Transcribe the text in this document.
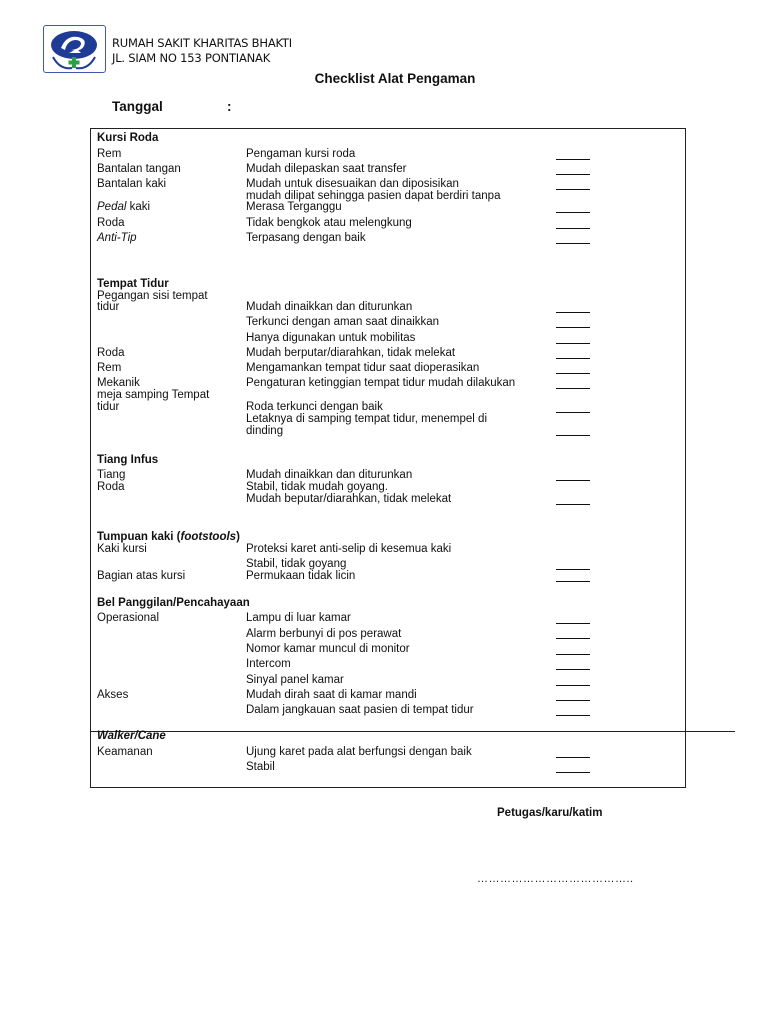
RUMAH SAKIT KHARITAS BHAKTI
JL. SIAM NO 153 PONTIANAK
Checklist Alat Pengaman
Tanggal	:
Kursi Roda
Rem	Pengaman kursi roda
Bantalan tangan	Mudah dilepaskan saat transfer
Bantalan kaki	Mudah untuk disesuaikan dan diposisikan
mudah dilipat sehingga pasien dapat berdiri tanpa
Pedal kaki	Merasa Terganggu
Roda	Tidak bengkok atau melengkung
Anti-Tip	Terpasang dengan baik
Tempat Tidur
Pegangan sisi tempat
tidur	Mudah dinaikkan dan diturunkan
Terkunci dengan aman saat dinaikkan
Hanya digunakan untuk mobilitas
Roda	Mudah berputar/diarahkan, tidak melekat
Rem	Mengamankan tempat tidur saat dioperasikan
Mekanik	Pengaturan ketinggian tempat tidur mudah dilakukan
meja samping Tempat
tidur	Roda terkunci dengan baik
Letaknya di samping tempat tidur, menempel di
dinding
Tiang Infus
Tiang	Mudah dinaikkan dan diturunkan
Roda	Stabil, tidak mudah goyang.
Mudah beputar/diarahkan, tidak melekat
Tumpuan kaki (footstools)
Kaki kursi	Proteksi karet anti-selip di kesemua kaki
Stabil, tidak goyang
Bagian atas kursi	Permukaan tidak licin
Bel Panggilan/Pencahayaan
Operasional	Lampu di luar kamar
Alarm berbunyi di pos perawat
Nomor kamar muncul di monitor
Intercom
Sinyal panel kamar
Akses	Mudah dirah saat di kamar mandi
Dalam jangkauan saat pasien di tempat tidur
Walker/Cane
Keamanan	Ujung karet pada alat berfungsi dengan baik
Stabil
Petugas/karu/katim
…………………………………..
